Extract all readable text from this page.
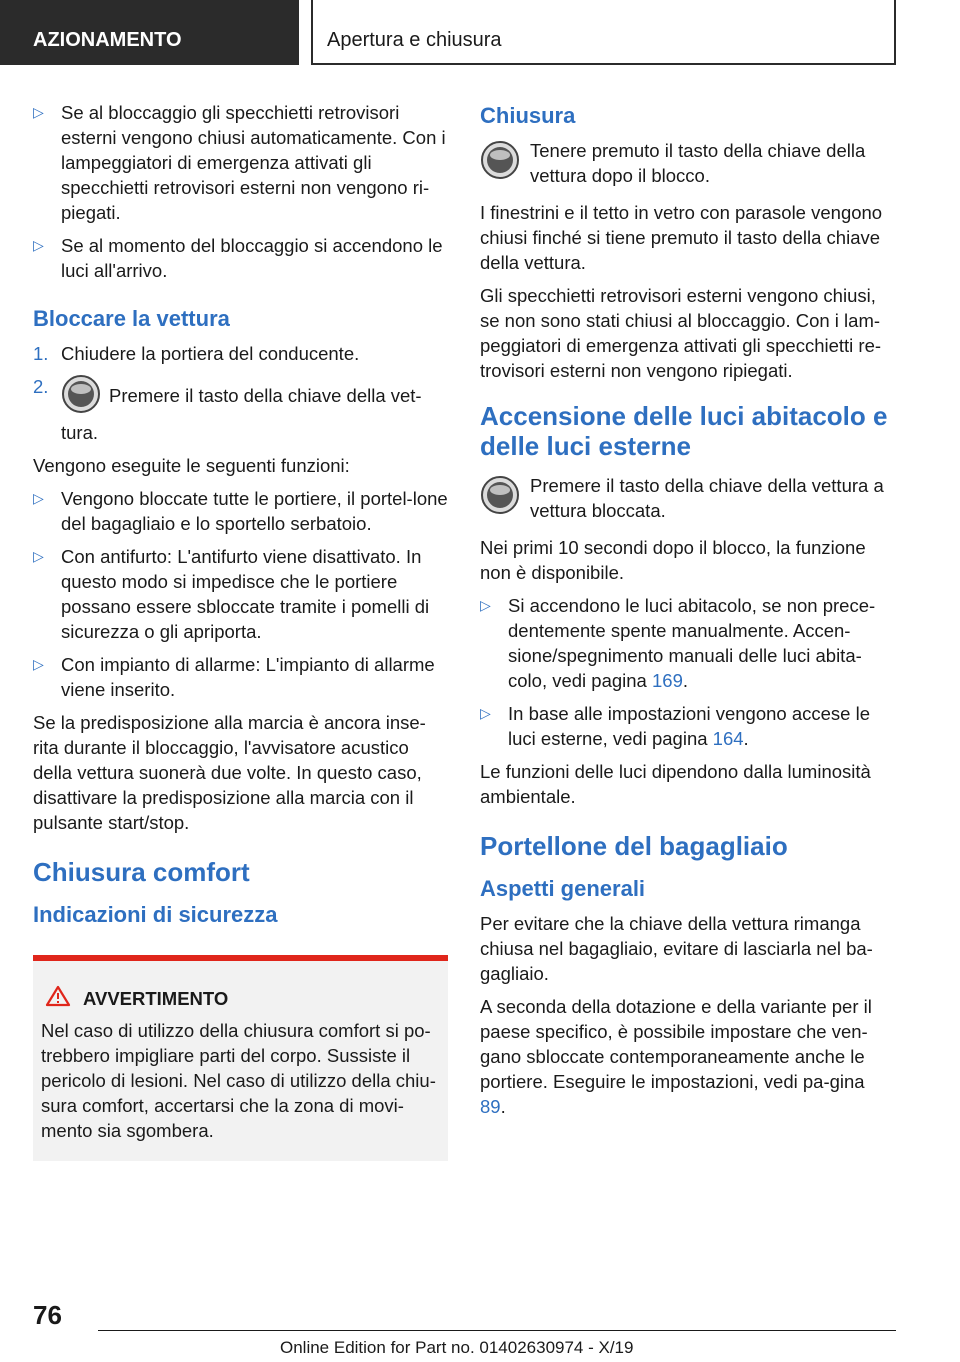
AZIONAMENTO	Apertura e chiusura
▷ Se al bloccaggio gli specchietti retrovisori esterni vengono chiusi automaticamente. Con i lampeggiatori di emergenza attivati gli specchietti retrovisori esterni non vengono ri-piegati.
▷ Se al momento del bloccaggio si accendono le luci all'arrivo.
Bloccare la vettura
1. Chiudere la portiera del conducente.
2.	Premere il tasto della chiave della vet-tura.

Vengono eseguite le seguenti funzioni:

▷ Vengono bloccate tutte le portiere, il portel-lone del bagagliaio e lo sportello serbatoio.
▷ Con antifurto: L'antifurto viene disattivato. In questo modo si impedisce che le portiere possano essere sbloccate tramite i pomelli di sicurezza o gli apriporta.
▷ Con impianto di allarme: L'impianto di allarme viene inserito.

Se la predisposizione alla marcia è ancora inse-rita durante il bloccaggio, l'avvisatore acustico della vettura suonerà due volte. In questo caso, disattivare la predisposizione alla marcia con il pulsante start/stop.

Chiusura comfort
Indicazioni di sicurezza
AVVERTIMENTO

Nel caso di utilizzo della chiusura comfort si po-trebbero impigliare parti del corpo. Sussiste il pericolo di lesioni. Nel caso di utilizzo della chiu-sura comfort, accertarsi che la zona di movi-mento sia sgombera.

Chiusura
Tenere premuto il tasto della chiave della vettura dopo il blocco.

I finestrini e il tetto in vetro con parasole vengono chiusi finché si tiene premuto il tasto della chiave della vettura.

Gli specchietti retrovisori esterni vengono chiusi, se non sono stati chiusi al bloccaggio. Con i lam-peggiatori di emergenza attivati gli specchietti re-trovisori esterni non vengono ripiegati.

Accensione delle luci abitacolo e delle luci esterne
Premere il tasto della chiave della vettura a vettura bloccata.

Nei primi 10 secondi dopo il blocco, la funzione non è disponibile.

▷ Si accendono le luci abitacolo, se non prece-dentemente spente manualmente. Accen-sione/spegnimento manuali delle luci abita-colo, vedi pagina 169.
▷ In base alle impostazioni vengono accese le luci esterne, vedi pagina 164.

Le funzioni delle luci dipendono dalla luminosità ambientale.

Portellone del bagagliaio
Aspetti generali

Per evitare che la chiave della vettura rimanga chiusa nel bagagliaio, evitare di lasciarla nel ba-gagliaio.

A seconda della dotazione e della variante per il paese specifico, è possibile impostare che ven-gano sbloccate contemporaneamente anche le portiere. Eseguire le impostazioni, vedi pa-gina 89.

76
Online Edition for Part no. 01402630974 - X/19
